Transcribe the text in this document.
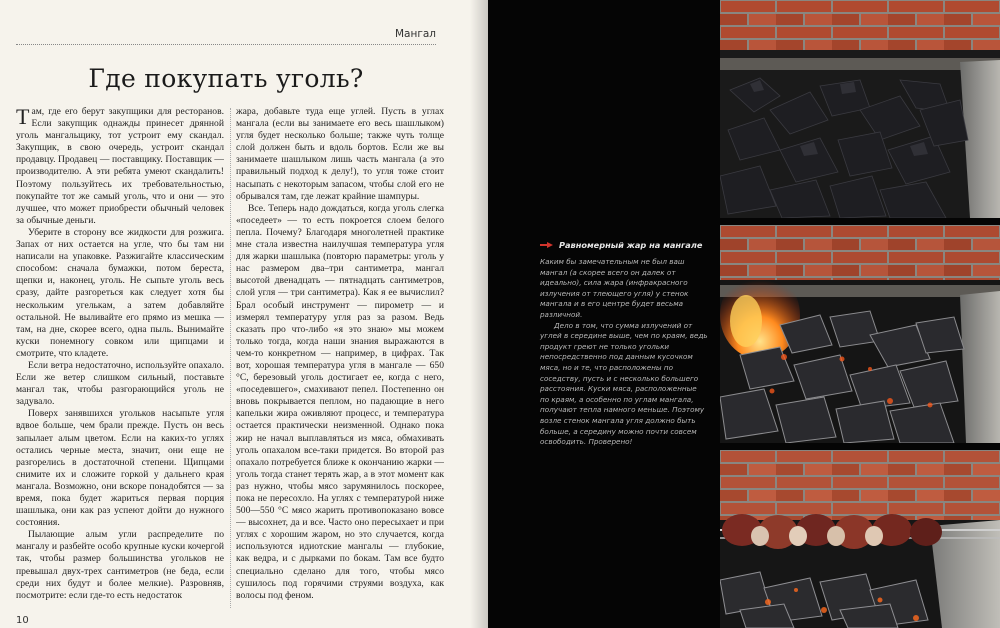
Мангал
Где покупать уголь?

Там, где его берут закупщики для ресторанов. Если закупщик однажды принесет дрянной уголь мангальщику, тот устроит ему скандал. Закупщик, в свою очередь, устроит скандал продавцу. Продавец — поставщику. Поставщик — производителю. А эти ребята умеют скандалить! Поэтому пользуйтесь их требовательностью, покупайте тот же самый уголь, что и они — это лучшее, что может приобрести обычный человек за обычные деньги.

Уберите в сторону все жидкости для розжига. Запах от них остается на угле, что бы там ни написали на упаковке. Разжигайте классическим способом: сначала бумажки, потом береста, щепки и, наконец, уголь. Не сыпьте уголь весь сразу, дайте разгореться как следует хотя бы нескольким угелькам, а затем добавляйте остальной. Не выливайте его прямо из мешка — там, на дне, скорее всего, одна пыль. Вынимайте куски понемногу совком или щипцами и смотрите, что кладете.

Если ветра недостаточно, используйте опахало. Если же ветер слишком сильный, поставьте мангал так, чтобы разгорающийся уголь не задувало.

Поверх занявшихся угольков насыпьте угля вдвое больше, чем брали прежде. Пусть он весь запылает алым цветом. Если на каких-то углях остались черные места, значит, они еще не разгорелись в достаточной степени. Щипцами снимите их и сложите горкой у дальнего края мангала. Возможно, они вскоре понадобятся — за время, пока будет жариться первая порция шашлыка, они как раз успеют дойти до нужного состояния.

Пылающие алым угли распределите по мангалу и разбейте особо крупные куски кочергой так, чтобы размер большинства угольков не превышал двух-трех сантиметров (не беда, если среди них будут и более мелкие). Разровняв, посмотрите: если где-то есть недостаток

жара, добавьте туда еще углей. Пусть в углах мангала (если вы занимаете его весь шашлыком) угля будет несколько больше; также чуть толще слой должен быть и вдоль бортов. Если же вы занимаете шашлыком лишь часть мангала (а это правильный подход к делу!), то угля тоже стоит насыпать с некоторым запасом, чтобы слой его не обрывался там, где лежат крайние шампуры.

Все. Теперь надо дождаться, когда уголь слегка «поседеет» — то есть покроется слоем белого пепла. Почему? Благодаря многолетней практике мне стала известна наилучшая температура угля для жарки шашлыка (повторю параметры: уголь у нас размером два–три сантиметра, мангал высотой двенадцать — пятнадцать сантиметров, слой угля — три сантиметра). Как я ее вычислил? Брал особый инструмент — пирометр — и измерял температуру угля раз за разом. Ведь сказать про что-либо «я это знаю» мы можем только тогда, когда наши знания выражаются в чем-то конкретном — например, в цифрах. Так вот, хорошая температура угля в мангале — 650 °С, березовый уголь достигает ее, когда с него, «поседевшего», смахивают пепел. Постепенно он вновь покрывается пеплом, но падающие в него капельки жира оживляют процесс, и температура остается практически неизменной. Однако пока жир не начал выплавляться из мяса, обмахивать уголь опахалом все-таки придется. Во второй раз опахало потребуется ближе к окончанию жарки — уголь тогда станет терять жар, а в этот момент как раз нужно, чтобы мясо зарумянилось поскорее, пока не пересохло. На углях с температурой ниже 500—550 °С мясо жарить противопоказано вовсе — высохнет, да и все. Часто оно пересыхает и при углях с хорошим жаром, но это случается, когда используются идиотские мангалы — глубокие, как ведра, и с дырками по бокам. Там все будто специально сделано для того, чтобы мясо сушилось под горячими струями воздуха, как волосы под феном.

10
Равномерный жар на мангале

Каким бы замечательным не был ваш мангал (а скорее всего он далек от идеально), сила жара (инфракрасного излучения от тлеющего угля) у стенок мангала и в его центре будет весьма различной.

Дело в том, что сумма излучений от углей в середине выше, чем по краям, ведь продукт греют не только угольки непосредственно под данным кусочком мяса, но и те, что расположены по соседству, пусть и с несколько большего расстояния. Куски мяса, расположенные по краям, а особенно по углам мангала, получают тепла намного меньше. Поэтому возле стенок мангала угля должно быть больше, а середину можно почти совсем освободить. Проверено!
